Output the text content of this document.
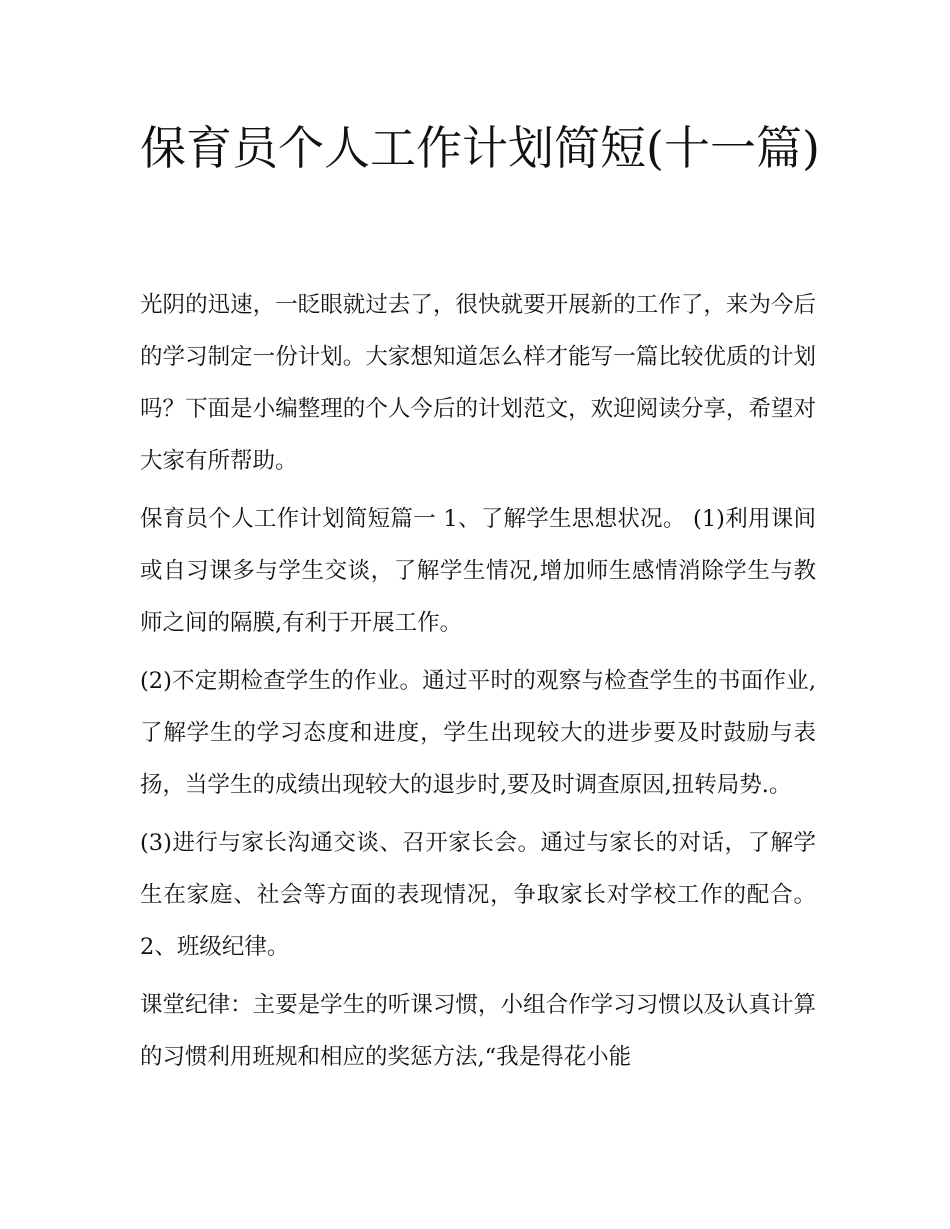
保育员个人工作计划简短(十一篇)

光阴的迅速，一眨眼就过去了，很快就要开展新的工作了，来为今后的学习制定一份计划。大家想知道怎么样才能写一篇比较优质的计划吗？下面是小编整理的个人今后的计划范文，欢迎阅读分享，希望对大家有所帮助。

保育员个人工作计划简短篇一 1、了解学生思想状况。 (1)利用课间或自习课多与学生交谈，了解学生情况,增加师生感情消除学生与教师之间的隔膜,有利于开展工作。

(2)不定期检查学生的作业。通过平时的观察与检查学生的书面作业,了解学生的学习态度和进度，学生出现较大的进步要及时鼓励与表扬，当学生的成绩出现较大的退步时,要及时调查原因,扭转局势.。

(3)进行与家长沟通交谈、召开家长会。通过与家长的对话，了解学生在家庭、社会等方面的表现情况，争取家长对学校工作的配合。 2、班级纪律。

课堂纪律：主要是学生的听课习惯，小组合作学习习惯以及认真计算的习惯利用班规和相应的奖惩方法,“我是得花小能
